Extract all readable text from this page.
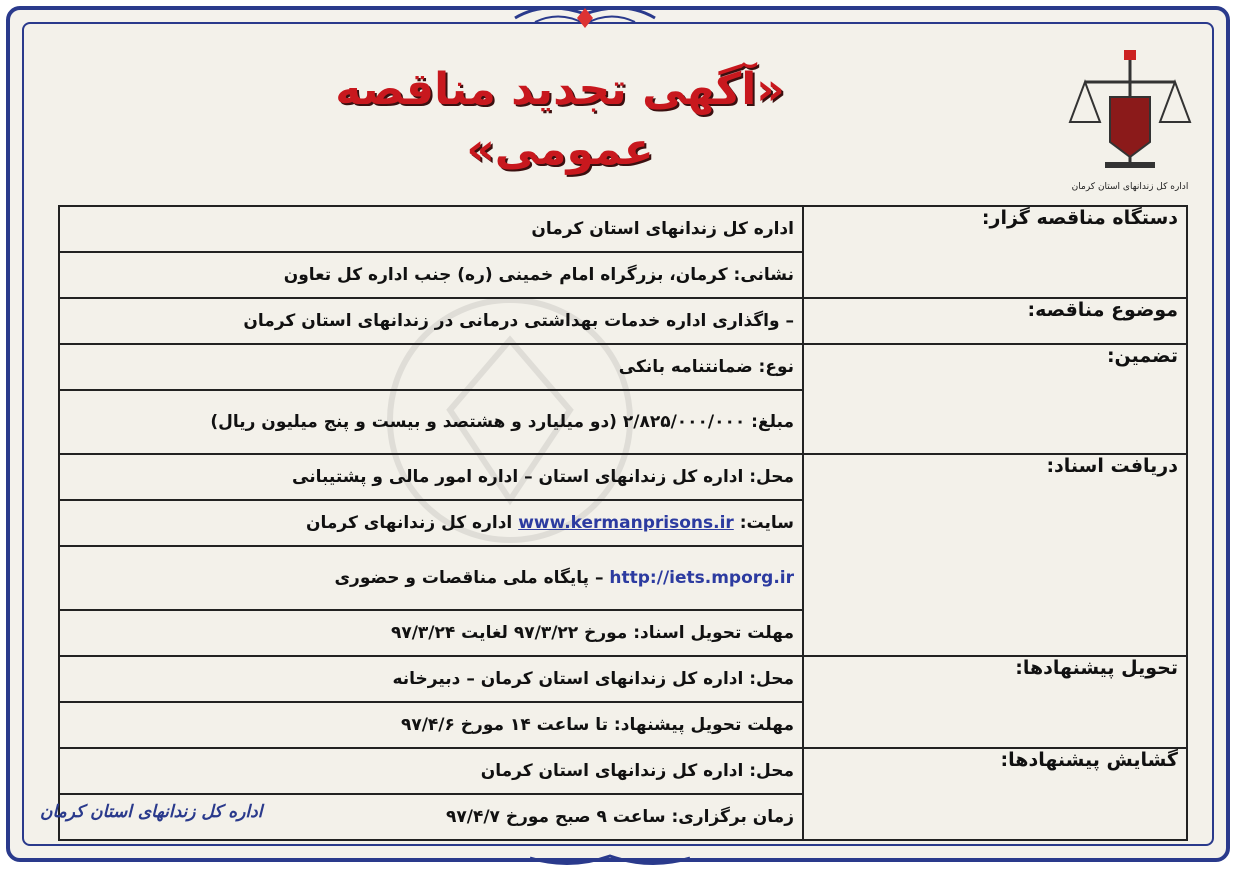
«آگهی تجدید مناقصه عمومی»
اداره کل زندانهای استان کرمان
دستگاه مناقصه گزار:	اداره کل زندانهای استان کرمان
	نشانی: کرمان، بزرگراه امام خمینی (ره) جنب اداره کل تعاون
موضوع مناقصه:	– واگذاری اداره خدمات بهداشتی درمانی در زندانهای استان کرمان
تضمین:	نوع: ضمانتنامه بانکی
	مبلغ: ۲/۸۲۵/۰۰۰/۰۰۰ (دو میلیارد و هشتصد و بیست و پنج میلیون ریال)
دریافت اسناد:	محل: اداره کل زندانهای استان – اداره امور مالی و پشتیبانی
	سایت: www.kermanprisons.ir اداره کل زندانهای کرمان
	http://iets.mporg.ir – پایگاه ملی مناقصات و حضوری
	مهلت تحویل اسناد: مورخ ۹۷/۳/۲۲ لغایت ۹۷/۳/۲۴
تحویل پیشنهادها:	محل: اداره کل زندانهای استان کرمان – دبیرخانه
	مهلت تحویل پیشنهاد: تا ساعت ۱۴ مورخ ۹۷/۴/۶
گشایش پیشنهادها:	محل: اداره کل زندانهای استان کرمان
	زمان برگزاری: ساعت ۹ صبح مورخ ۹۷/۴/۷
اداره کل زندانهای استان کرمان
